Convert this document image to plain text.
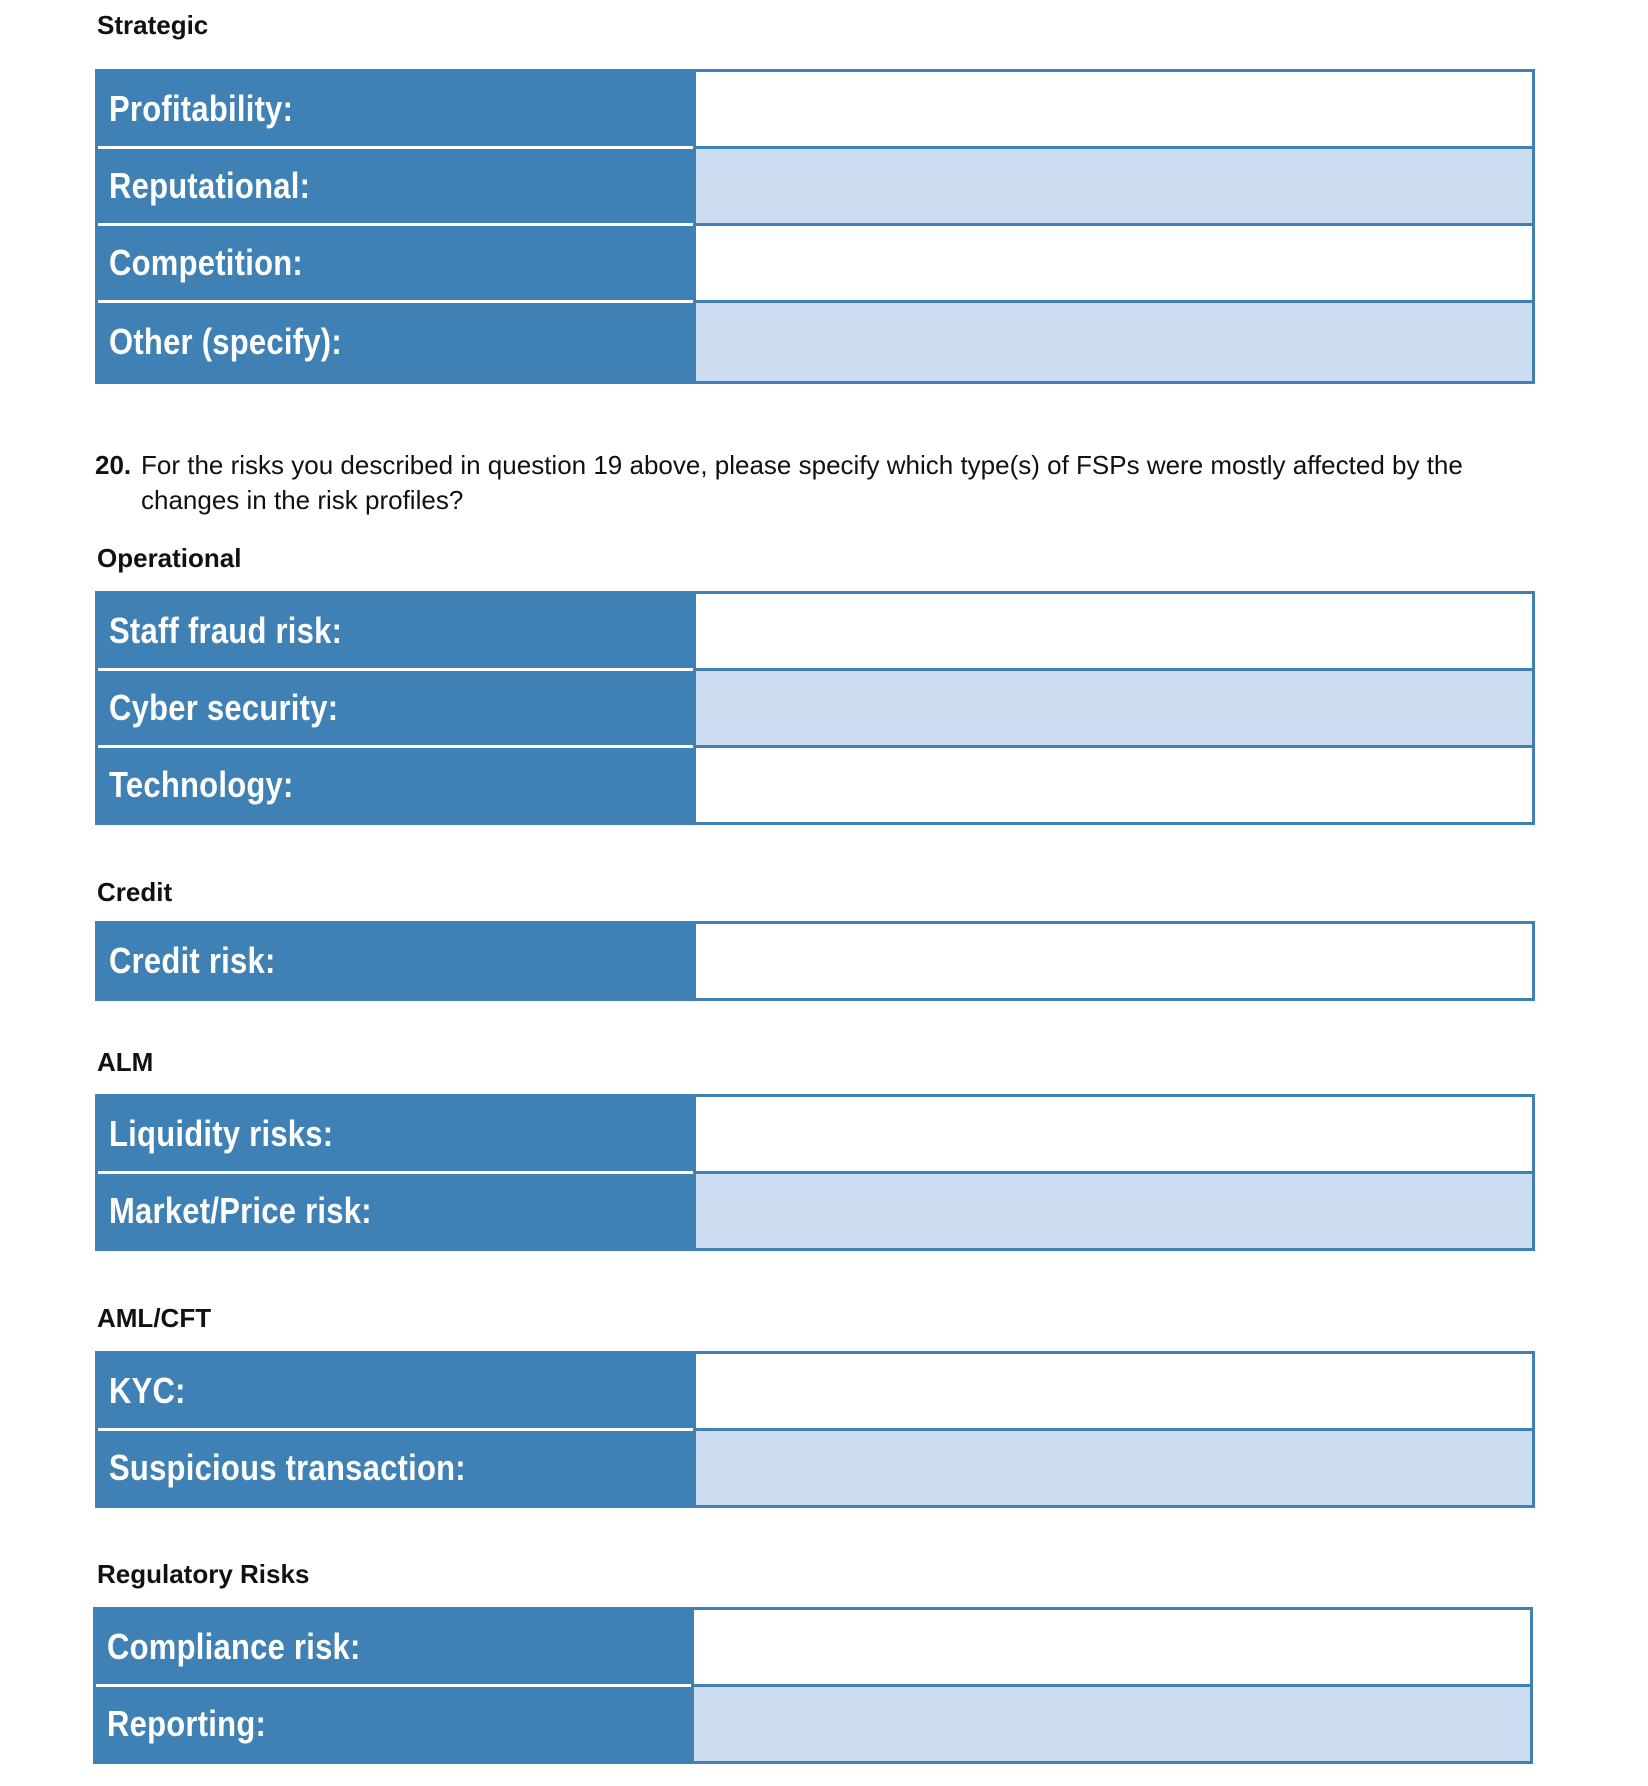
Strategic
Profitability:
Reputational:
Competition:
Other (specify):

20. For the risks you described in question 19 above, please specify which type(s) of FSPs were mostly affected by the
changes in the risk profiles?

Operational
Staff fraud risk:
Cyber security:
Technology:
Credit
Credit risk:
ALM
Liquidity risks:
Market/Price risk:
AML/CFT
KYC:
Suspicious transaction:
Regulatory Risks
Compliance risk:
Reporting:
